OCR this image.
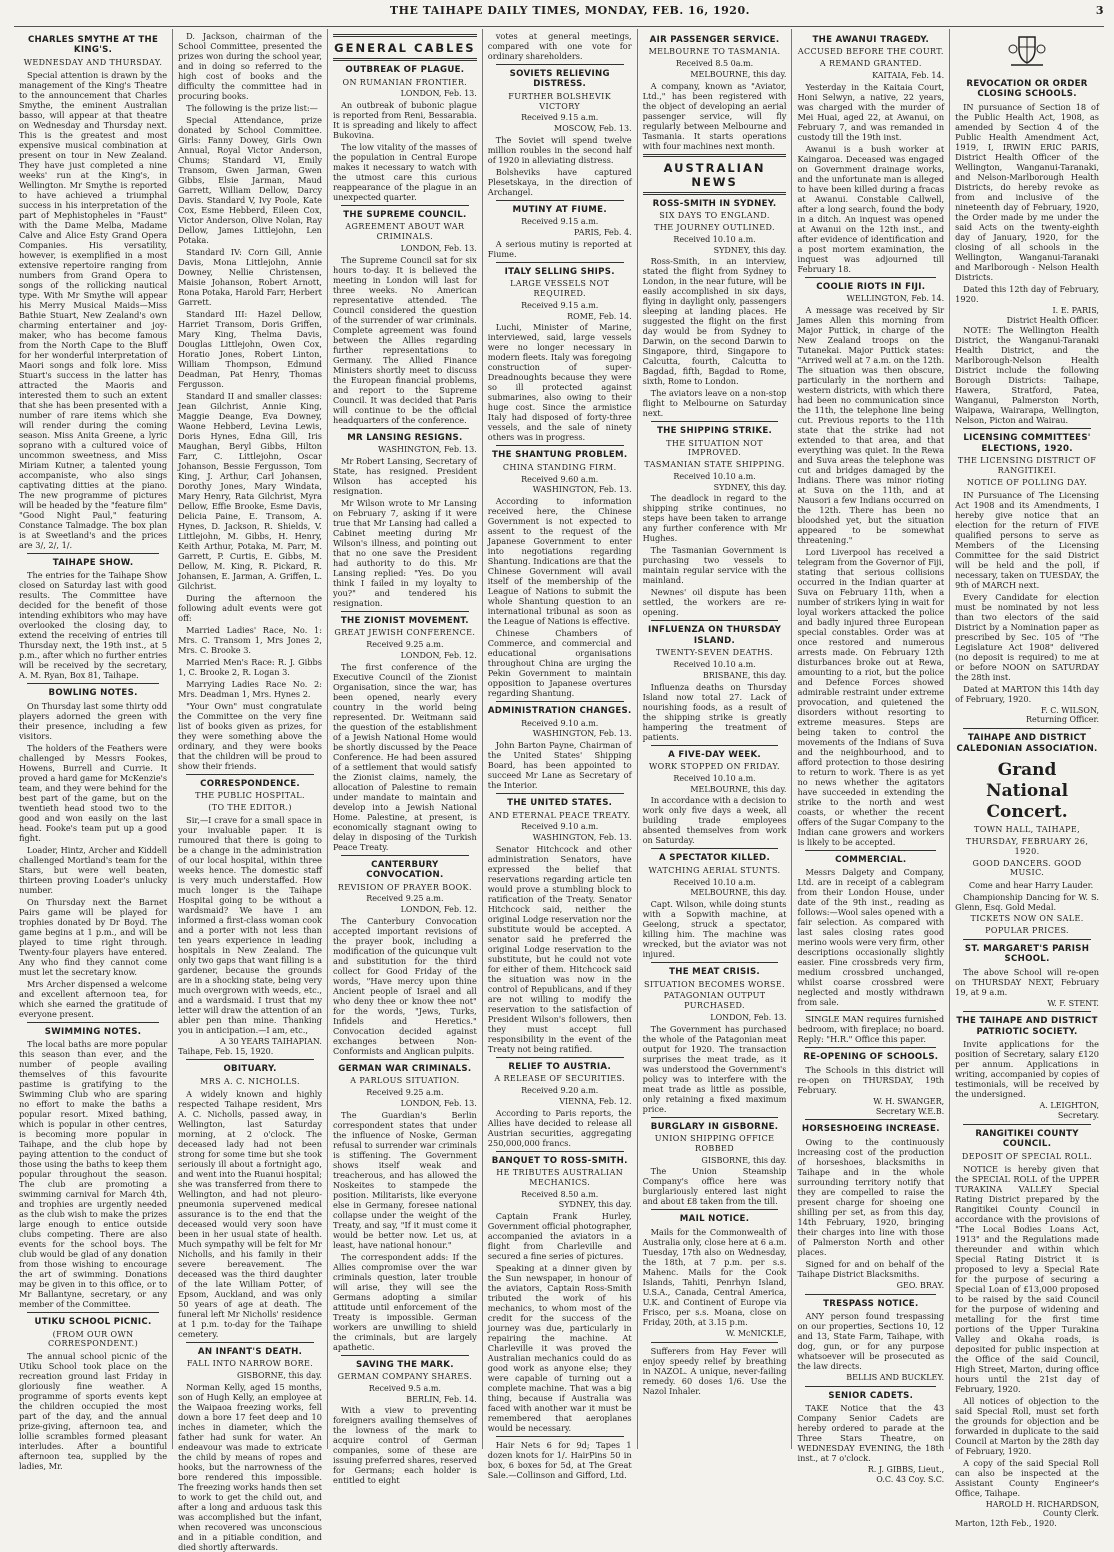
THE TAIHAPE DAILY TIMES, MONDAY, FEB. 16, 1920.	3
CHARLES SMYTHE AT THE KING'S.
WEDNESDAY AND THURSDAY.

Special attention is drawn by the management of the King's Theatre to the announcement that Charles Smythe, the eminent Australian basso, will appear at that theatre on Wednesday and Thursday next. This is the greatest and most expensive musical combination at present on tour in New Zealand. They have just completed a nine weeks' run at the King's, in Wellington. Mr Smythe is reported to have achieved a triumphal success in his interpretation of the part of Mephistopheles in "Faust" with the Dame Melba, Madame Calve and Alice Esty Grand Opera Companies. His versatility, however, is exemplified in a most extensive repertoire ranging from numbers from Grand Opera to songs of the rollicking nautical type. With Mr Smythe will appear his Merry Musical Maids—Miss Bathie Stuart, New Zealand's own charming entertainer and joy-maker, who has become famous from the North Cape to the Bluff for her wonderful interpretation of Maori songs and folk lore. Miss Stuart's success in the latter has attracted the Maoris and interested them to such an extent that she has been presented with a number of rare items which she will render during the coming season. Miss Anita Greene, a lyric soprano with a cultured voice of uncommon sweetness, and Miss Miriam Kutner, a talented young accompaniste, who also sings captivating ditties at the piano. The new programme of pictures will be headed by the "feature film" "Good Night Paul," featuring Constance Talmadge. The box plan is at Sweetland's and the prices are 3/, 2/, 1/.

TAIHAPE SHOW.

The entries for the Taihape Show closed on Saturday last with good results. The Committee have decided for the benefit of those intending exhibitors who may have overlooked the closing day, to extend the receiving of entries till Thursday next, the 19th inst., at 5 p.m., after which no further entries will be received by the secretary, A. M. Ryan, Box 81, Taihape.

BOWLING NOTES.

On Thursday last some thirty odd players adorned the green with their presence, including a few visitors.

The holders of the Feathers were challenged by Messrs Fookes, Howens, Burrell and Currie. It proved a hard game for McKenzie's team, and they were behind for the best part of the game, but on the twentieth head stood two to the good and won easily on the last head. Fooke's team put up a good fight.

Loader, Hintz, Archer and Kiddell challenged Mortland's team for the Stars, but were well beaten, thirteen proving Loader's unlucky number.

On Thursday next the Barnet Pairs game will be played for trophies donated by Dr Boyd. The game begins at 1 p.m., and will be played to time right through. Twenty-four players have entered. Any who find they cannot come must let the secretary know.

Mrs Archer dispensed a welcome and excellent afternoon tea, for which she earned the gratitude of everyone present.

SWIMMING NOTES.

The local baths are more popular this season than ever, and the number of people availing themselves of this favourite pastime is gratifying to the Swimming Club who are sparing no effort to make the baths a popular resort. Mixed bathing, which is popular in other centres, is becoming more popular in Taihape, and the club hope by paying attention to the conduct of those using the baths to keep them popular throughout the season. The club are promoting a swimming carnival for March 4th, and trophies are urgently needed as the club wish to make the prizes large enough to entice outside clubs competing. There are also events for the school boys. The club would be glad of any donation from those wishing to encourage the art of swimming. Donations may be given in to this office, or to Mr Ballantyne, secretary, or any member of the Committee.

UTIKU SCHOOL PICNIC.
(FROM OUR OWN CORRESPONDENT.)

The annual school picnic of the Utiku School took place on the recreation ground last Friday in gloriously fine weather. A programme of sports events kept the children occupied the most part of the day, and the annual prize-giving, afternoon tea, and lollie scrambles formed pleasant interludes. After a bountiful afternoon tea, supplied by the ladies, Mr.

D. Jackson, chairman of the School Committee, presented the prizes won during the school year, and in doing so referred to the high cost of books and the difficulty the committee had in procuring books.

The following is the prize list:—

Special Attendance, prize donated by School Committee. Girls: Fanny Dowey, Girls Own Annual, Royal Victor Anderson, Chums; Standard VI, Emily Transom, Gwen Jarman, Gwen Gibbs, Elsie Jarman, Maud Garrett, William Dellow, Darcy Davis. Standard V, Ivy Poole, Kate Cox, Esme Hebberd, Eileen Cox, Victor Anderson, Olive Nolan, Ray Dellow, James Littlejohn, Len Potaka.

Standard IV: Corn Gill, Annie Davis, Mona Littlejohn, Annie Downey, Nellie Christensen, Maisie Johanson, Robert Arnott, Rona Potaka, Harold Farr, Herbert Garrett.

Standard III: Hazel Dellow, Harriet Transom, Doris Griffen, Mary King, Thelma Davis, Douglas Littlejohn, Owen Cox, Horatio Jones, Robert Linton, William Thompson, Edmund Deadman, Pat Henry, Thomas Fergusson.

Standard II and smaller classes: Jean Gilchrist, Annie King, Maggie Deange, Eva Downey, Waone Hebberd, Levina Lewis, Doris Hynes, Edna Gill, Iris Maughan, Beryl Gibbs, Hilton Farr, C. Littlejohn, Oscar Johanson, Bessie Fergusson, Tom King, J. Arthur, Carl Johansen, Dorothy Jones, Mary Windata, Mary Henry, Rata Gilchrist, Myra Dellow, Effie Brooke, Esme Davis, Delicia Paine, E. Transom, A. Hynes, D. Jackson, R. Shields, V. Littlejohn, M. Gibbs, H. Henry, Keith Arthur, Potaka, M. Parr, M. Garrett, P. Curtis, E. Gibbs, M. Dellow, M. King, R. Pickard, R. Johansen, E. Jarman, A. Griffen, L. Gilchrist.

During the afternoon the following adult events were got off:

Married Ladies' Race, No. 1: Mrs. C. Transom 1, Mrs Jones 2, Mrs. C. Brooke 3.

Married Men's Race: R. J. Gibbs 1, C. Brooke 2, R. Logan 3.

Marrying Ladies Race No. 2: Mrs. Deadman 1, Mrs. Hynes 2.

"Your Own" must congratulate the Committee on the very fine list of books given as prizes, for they were something above the ordinary, and they were books that the children will be proud to show their friends.

CORRESPONDENCE.
THE PUBLIC HOSPITAL.
(TO THE EDITOR.)

Sir,—I crave for a small space in your invaluable paper. It is rumoured that there is going to be a change in the administration of our local hospital, within three weeks hence. The domestic staff is very much understaffed. How much longer is the Taihape Hospital going to be without a wardsmaid? We have I am informed a first-class woman cook and a porter with not less than ten years experience in leading hospitals in New Zealand. The only two gaps that want filling is a gardener, because the grounds are in a shocking state, being very much overgrown with weeds, etc., and a wardsmaid. I trust that my letter will draw the attention of an abler pen than mine. Thanking you in anticipation.—I am, etc.,

A 30 YEARS TAIHAPIAN.
Taihape, Feb. 15, 1920.
OBITUARY.
MRS A. C. NICHOLLS.

A widely known and highly respected Taihape resident, Mrs A. C. Nicholls, passed away, in Wellington, last Saturday morning, at 2 o'clock. The deceased lady had not been strong for some time but she took seriously ill about a fortnight ago, and went into the Ruanui hospital; she was transferred from there to Wellington, and had not pleuro-pneumonia supervened medical assurance is to the end that the deceased would very soon have been in her usual state of health. Much sympathy will be felt for Mr Nicholls, and his family in their severe bereavement. The deceased was the third daughter of the late William Potter, of Epsom, Auckland, and was only 50 years of age at death. The funeral left Mr Nicholls' residence at 1 p.m. to-day for the Taihape cemetery.

AN INFANT'S DEATH.
FALL INTO NARROW BORE.
GISBORNE, this day.

Norman Kelly, aged 15 months, son of Hugh Kelly, an employee at the Waipaoa freezing works, fell down a bore 17 feet deep and 10 inches in diameter, which the father had sunk for water. An endeavour was made to extricate the child by means of ropes and hooks, but the narrowness of the bore rendered this impossible. The freezing works hands then set to work to get the child out, and after a long and arduous task this was accomplished but the infant, when recovered was unconscious and in a pitiable condition, and died shortly afterwards.

GENERAL CABLES
OUTBREAK OF PLAGUE.
ON RUMANIAN FRONTIER.
LONDON, Feb. 13.

An outbreak of bubonic plague is reported from Reni, Bessarabia. It is spreading and likely to affect Bukovina.

The low vitality of the masses of the population in Central Europe makes it necessary to watch with the utmost care this curious reappearance of the plague in an unexpected quarter.

THE SUPREME COUNCIL.
AGREEMENT ABOUT WAR CRIMINALS.
LONDON, Feb. 13.

The Supreme Council sat for six hours to-day. It is believed the meeting in London will last for three weeks. No American representative attended. The Council considered the question of the surrender of war criminals. Complete agreement was found between the Allies regarding further representations to Germany. The Allied Finance Ministers shortly meet to discuss the European financial problems, and report to the Supreme Council. It was decided that Paris will continue to be the official headquarters of the conference.

MR LANSING RESIGNS.
WASHINGTON, Feb. 13.

Mr Robert Lansing, Secretary of State, has resigned. President Wilson has accepted his resignation.

Mr Wilson wrote to Mr Lansing on February 7, asking if it were true that Mr Lansing had called a Cabinet meeting during Mr Wilson's illness, and pointing out that no one save the President had authority to do this. Mr Lansing replied: "Yes. Do you think I failed in my loyalty to you?" and tendered his resignation.

THE ZIONIST MOVEMENT.
GREAT JEWISH CONFERENCE.
Received 9.25 a.m.
LONDON, Feb. 12.

The first conference of the Executive Council of the Zionist Organisation, since the war, has been opened, nearly every country in the world being represented. Dr. Weitmann said the question of the establishment of a Jewish National Home would be shortly discussed by the Peace Conference. He had been assured of a settlement that would satisfy the Zionist claims, namely, the allocation of Palestine to remain under mandate to maintain and develop into a Jewish National Home. Palestine, at present, is economically stagnant owing to delay in disposing of the Turkish Peace Treaty.

CANTERBURY CONVOCATION.
REVISION OF PRAYER BOOK.
Received 9.25 a.m.
LONDON, Feb. 12.

The Canterbury Convocation accepted important revisions of the prayer book, including a modification of the quicunque vult and substitution for the third collect for Good Friday of the words, "Have mercy upon thine Ancient people of Israel and all who deny thee or know thee not" for the words, "Jews, Turks, Infidels and Heretics." Convocation decided against exchanges between Non-Conformists and Anglican pulpits.

GERMAN WAR CRIMINALS.
A PARLOUS SITUATION.
Received 9.25 a.m.
LONDON, Feb. 13.

The Guardian's Berlin correspondent states that under the influence of Noske, German refusal to surrender war criminals is stiffening. The Government shows itself weak and treacherous, and has allowed the Noskeites to stampede the position. Militarists, like everyone else in Germany, foresee national collapse under the weight of the Treaty, and say, "If it must come it would be better now. Let us, at least, have national honour."

The correspondent adds: If the Allies compromise over the war criminals question, later trouble will arise, they will see the Germans adopting a similar attitude until enforcement of the Treaty is impossible. German workers are unwilling to shield the criminals, but are largely apathetic.

SAVING THE MARK.
GERMAN COMPANY SHARES.
Received 9.5 a.m.
BERLIN, Feb. 14.

With a view to preventing foreigners availing themselves of the lowness of the mark to acquire control of German companies, some of these are issuing preferred shares, reserved for Germans; each holder is entitled to eight

votes at general meetings, compared with one vote for ordinary shareholders.

SOVIETS RELIEVING DISTRESS.
FURTHER BOLSHEVIK VICTORY
Received 9.15 a.m.
MOSCOW, Feb. 13.

The Soviet will spend twelve million roubles in the second half of 1920 in alleviating distress.

Bolsheviks have captured Plesetskaya, in the direction of Archangel.

MUTINY AT FIUME.
Received 9.15 a.m.
PARIS, Feb. 4.

A serious mutiny is reported at Fiume.

ITALY SELLING SHIPS.
LARGE VESSELS NOT REQUIRED.
Received 9.15 a.m.
ROME, Feb. 14.

Luchi, Minister of Marine, interviewed, said, large vessels were no longer necessary in modern fleets. Italy was foregoing construction of super-Dreadnoughts because they were so ill protected against submarines, also owing to their huge cost. Since the armistice Italy had disposed of forty-three vessels, and the sale of ninety others was in progress.

THE SHANTUNG PROBLEM.
CHINA STANDING FIRM.
Received 9.60 a.m.
WASHINGTON, Feb. 13.

According to information received here, the Chinese Government is not expected to assent to the request of the Japanese Government to enter into negotiations regarding Shantung. Indications are that the Chinese Government will avail itself of the membership of the League of Nations to submit the whole Shantung question to an international tribunal as soon as the League of Nations is effective.

Chinese Chambers of Commerce, and commercial and educational organisations throughout China are urging the Pekin Government to maintain opposition to Japanese overtures regarding Shantung.

ADMINISTRATION CHANGES.
Received 9.10 a.m.
WASHINGTON, Feb. 13.

John Barton Payne, Chairman of the United States' Shipping Board, has been appointed to succeed Mr Lane as Secretary of the Interior.

THE UNITED STATES.
AND ETERNAL PEACE TREATY.
Received 9.10 a.m.
WASHINGTON, Feb. 13.

Senator Hitchcock and other administration Senators, have expressed the belief that reservations regarding article ten would prove a stumbling block to ratification of the Treaty. Senator Hitchcock said, neither the original Lodge reservation nor the substitute would be accepted. A senator said he preferred the original Lodge reservation to the substitute, but he could not vote for either of them. Hitchcock said the situation was now in the control of Republicans, and if they are not willing to modify the reservation to the satisfaction of President Wilson's followers, then they must accept full responsibility in the event of the Treaty not being ratified.

RELIEF TO AUSTRIA.
A RELEASE OF SECURITIES.
Received 9.20 a.m.
VIENNA, Feb. 12.

According to Paris reports, the Allies have decided to release all Austrian securities, aggregating 250,000,000 francs.

BANQUET TO ROSS-SMITH.
HE TRIBUTES AUSTRALIAN MECHANICS.
Received 8.50 a.m.
SYDNEY, this day.

Captain Frank Hurley, Government official photographer, accompanied the aviators in a flight from Charleville and secured a fine series of pictures.

Speaking at a dinner given by the Sun newspaper, in honour of the aviators, Captain Ross-Smith tributed the work of his mechanics, to whom most of the credit for the success of the journey was due, particularly in repairing the machine. At Charleville it was proved the Australian mechanics could do as good work as anyone else; they were capable of turning out a complete machine. That was a big thing, because if Australia was faced with another war it must be remembered that aeroplanes would be necessary.

Hair Nets 6 for 9d; Tapes 1 dozen knots for 1/. HairPins 50 in box, 6 boxes for 5d, at The Great Sale.—Collinson and Gifford, Ltd.

AIR PASSENGER SERVICE.
MELBOURNE TO TASMANIA.
Received 8.5 0a.m.
MELBOURNE, this day.

A company, known as "Aviator, Ltd.," has been registered with the object of developing an aerial passenger service, will fly regularly between Melbourne and Tasmania. It starts operations with four machines next month.

AUSTRALIAN NEWS
ROSS-SMITH IN SYDNEY.
SIX DAYS TO ENGLAND.
THE JOURNEY OUTLINED.
Received 10.10 a.m.
SYDNEY, this day.

Ross-Smith, in an interview, stated the flight from Sydney to London, in the near future, will be easily accomplished in six days, flying in daylight only, passengers sleeping at landing places. He suggested the flight on the first day would be from Sydney to Darwin, on the second Darwin to Singapore, third, Singapore to Calcutta, fourth, Calcutta to Bagdad, fifth, Bagdad to Rome, sixth, Rome to London.

The aviators leave on a non-stop flight to Melbourne on Saturday next.

THE SHIPPING STRIKE.
THE SITUATION NOT IMPROVED.
TASMANIAN STATE SHIPPING.
Received 10.10 a.m.
SYDNEY, this day.

The deadlock in regard to the shipping strike continues, no steps have been taken to arrange any further conference with Mr Hughes.

The Tasmanian Government is purchasing two vessels to maintain regular service with the mainland.

Newnes' oil dispute has been settled, the workers are re-opening.

INFLUENZA ON THURSDAY ISLAND.
TWENTY-SEVEN DEATHS.
Received 10.10 a.m.
BRISBANE, this day.

Influenza deaths on Thursday Island now total 27. Lack of nourishing foods, as a result of the shipping strike is greatly hampering the treatment of patients.

A FIVE-DAY WEEK.
WORK STOPPED ON FRIDAY.
Received 10.10 a.m.
MELBOURNE, this day.

In accordance with a decision to work only five days a week, all building trade employees absented themselves from work on Saturday.

A SPECTATOR KILLED.
WATCHING AERIAL STUNTS.
Received 10.10 a.m.
MELBOURNE, this day.

Capt. Wilson, while doing stunts with a Sopwith machine, at Geelong, struck a spectator, killing him. The machine was wrecked, but the aviator was not injured.

THE MEAT CRISIS.
SITUATION BECOMES WORSE.
PATAGONIAN OUTPUT PURCHASED.
LONDON, Feb. 13.

The Government has purchased the whole of the Patagonian meat output for 1920. The transaction surprises the meat trade, as it was understood the Government's policy was to interfere with the meat trade as little as possible, only retaining a fixed maximum price.

BURGLARY IN GISBORNE.
UNION SHIPPING OFFICE ROBBED
GISBORNE, this day.

The Union Steamship Company's office here was burglariously entered last night and about £8 taken from the till.

MAIL NOTICE.

Mails for the Commonwealth of Australia only, close here at 6 a.m. Tuesday, 17th also on Wednesday, the 18th, at 7 p.m. per s.s. Mahenc. Mails for the Cook Islands, Tahiti, Penrhyn Island, U.S.A., Canada, Central America, U.K. and Continent of Europe via Frisco, per s.s. Moana, close on Friday, 20th, at 3.15 p.m.

W. McNICKLE,

Sufferers from Hay Fever will enjoy speedy relief by breathing in NAZOL. A unique, never-failing remedy. 60 doses 1/6. Use the Nazol Inhaler.

THE AWANUI TRAGEDY.
ACCUSED BEFORE THE COURT.
A REMAND GRANTED.
KAITAIA, Feb. 14.

Yesterday in the Kaitaia Court, Honi Selwyn, a native, 22 years, was charged with the murder of Mei Huai, aged 22, at Awanui, on February 7, and was remanded in custody till the 19th inst.

Awanui is a bush worker at Kaingaroa. Deceased was engaged on Government drainage works, and the unfortunate man is alleged to have been killed during a fracas at Awanui. Constable Callwell, after a long search, found the body in a ditch. An inquest was opened at Awanui on the 12th inst., and after evidence of identification and a post mortem examination, the inquest was adjourned till February 18.

COOLIE RIOTS IN FIJI.
WELLINGTON, Feb. 14.

A message was received by Sir James Allen this morning from Major Puttick, in charge of the New Zealand troops on the Tutanekai. Major Puttick states: "Arrived well at 7 a.m. on the 12th. The situation was then obscure, particularly in the northern and western districts, with which there had been no communication since the 11th, the telephone line being cut. Previous reports to the 11th state that the strike had not extended to that area, and that everything was quiet. In the Rewa and Suva areas the telephone was cut and bridges damaged by the Indians. There was minor rioting at Suva on the 11th, and at Nausori a few Indians occurred on the 12th. There has been no bloodshed yet, but the situation appeared to be somewhat threatening."

Lord Liverpool has received a telegram from the Governor of Fiji, stating that serious collisions occurred in the Indian quarter at Suva on February 11th, when a number of strikers lying in wait for loyal workers attacked the police and badly injured three European special constables. Order was at once restored and numerous arrests made. On February 12th disturbances broke out at Rewa, amounting to a riot, but the police and Defence Forces showed admirable restraint under extreme provocation, and quietened the disorders without resorting to extreme measures. Steps are being taken to control the movements of the Indians of Suva and the neighbourhood, and to afford protection to those desiring to return to work. There is as yet no news whether the agitators have succeeded in extending the strike to the north and west coasts, or whether the recent offers of the Sugar Company to the Indian cane growers and workers is likely to be accepted.

COMMERCIAL.

Messrs Dalgety and Company, Ltd. are in receipt of a cablegram from their London House, under date of the 9th inst., reading as follows:—Wool sales opened with a fair selection. As compared with last sales closing rates good merino wools were very firm, other descriptions occasionally slightly easier. Fine crossbreds very firm, medium crossbred unchanged, whilst coarse crossbred were neglected and mostly withdrawn from sale.

SINGLE MAN requires furnished bedroom, with fireplace; no board. Reply: "H.R." Office this paper.

RE-OPENING OF SCHOOLS.

The Schools in this district will re-open on THURSDAY, 19th February.

W. H. SWANGER,
Secretary W.E.B.
HORSESHOEING INCREASE.

Owing to the continuously increasing cost of the production of horseshoes, blacksmiths in Taihape and in the whole surrounding territory notify that they are compelled to raise the present charge for shoeing one shilling per set, as from this day, 14th February, 1920, bringing their charges into line with those of Palmerston North and other places.

Signed for and on behalf of the Taihape District Blacksmiths.

GEO. BRAY.
TRESPASS NOTICE.

ANY person found trespassing on our properties, Sections 10, 12 and 13, State Farm, Taihape, with dog, gun, or for any purpose whatsoever will be prosecuted as the law directs.

BELLIS AND BUCKLEY.
SENIOR CADETS.

TAKE Notice that the 43 Company Senior Cadets are hereby ordered to parade at the Three Stars Theatre, on WEDNESDAY EVENING, the 18th inst., at 7 o'clock.

R. J. GIBBS, Lieut.,
O.C. 43 Coy. S.C.
REVOCATION OR ORDER CLOSING SCHOOLS.

IN pursuance of Section 18 of the Public Health Act, 1908, as amended by Section 4 of the Public Health Amendment Act, 1919, I, IRWIN ERIC PARIS, District Health Officer of the Wellington, Wanganui-Taranaki, and Nelson-Marlborough Health Districts, do hereby revoke as from and inclusive of the nineteenth day of February, 1920, the Order made by me under the said Acts on the twenty-eighth day of January, 1920, for the closing of all schools in the Wellington, Wanganui-Taranaki and Marlborough - Nelson Health Districts.

Dated this 12th day of February, 1920.

I. E. PARIS,
District Health Officer.

NOTE: The Wellington Health District, the Wanganui-Taranaki Health District, and the Marlborough-Nelson Health District include the following Borough Districts: Taihape, Hawera, Stratford, Patea, Wanganui, Palmerston North, Waipawa, Wairarapa, Wellington, Nelson, Picton and Wairau.

LICENSING COMMITTEES' ELECTIONS, 1920.
THE LICENSING DISTRICT OF RANGITIKEI.
NOTICE OF POLLING DAY.

IN Pursuance of The Licensing Act 1908 and its Amendments, I hereby give notice that an election for the return of FIVE qualified persons to serve as Members of the Licensing Committee for the said District will be held and the poll, if necessary, taken on TUESDAY, the 9th of MARCH next.

Every Candidate for election must be nominated by not less than two electors of the said District by a Nomination paper as prescribed by Sec. 105 of "The Legislature Act 1908" delivered (no deposit is required) to me at or before NOON on SATURDAY the 28th inst.

Dated at MARTON this 14th day of February, 1920.

F. C. WILSON,
Returning Officer.
TAIHAPE AND DISTRICT CALEDONIAN ASSOCIATION.
Grand National Concert.
TOWN HALL, TAIHAPE,
THURSDAY, FEBRUARY 26, 1920.
GOOD DANCERS. GOOD MUSIC.

Come and hear Harry Lauder.

Championship Dancing for W. S. Glenn, Esq. Gold Medal.

TICKETS NOW ON SALE.
POPULAR PRICES.
ST. MARGARET'S PARISH SCHOOL.

The above School will re-open on THURSDAY NEXT, February 19, at 9 a.m.

W. F. STENT.
THE TAIHAPE AND DISTRICT PATRIOTIC SOCIETY.

Invite applications for the position of Secretary, salary £120 per annum. Applications in writing, accompanied by copies of testimonials, will be received by the undersigned.

A. LEIGHTON,
Secretary.
RANGITIKEI COUNTY COUNCIL.
DEPOSIT OF SPECIAL ROLL.

NOTICE is hereby given that the SPECIAL ROLL of the UPPER TURAKINA VALLEY Special Rating District prepared by the Rangitikei County Council in accordance with the provisions of "The Local Bodies Loans Act, 1913" and the Regulations made thereunder and within which Special Rating District it is proposed to levy a Special Rate for the purpose of securing a Special Loan of £13,000 proposed to be raised by the said Council for the purpose of widening and metalling for the first time portions of the Upper Turakina Valley and Okaha roads, is deposited for public inspection at the Office of the said Council, High Street, Marton, during office hours until the 21st day of February, 1920.

All notices of objection to the said Special Roll, must set forth the grounds for objection and be forwarded in duplicate to the said Council at Marton by the 28th day of February, 1920.

A copy of the said Special Roll can also be inspected at the Assistant County Engineer's Office, Taihape.

HAROLD H. RICHARDSON,
County Clerk.
Marton, 12th Feb., 1920.
